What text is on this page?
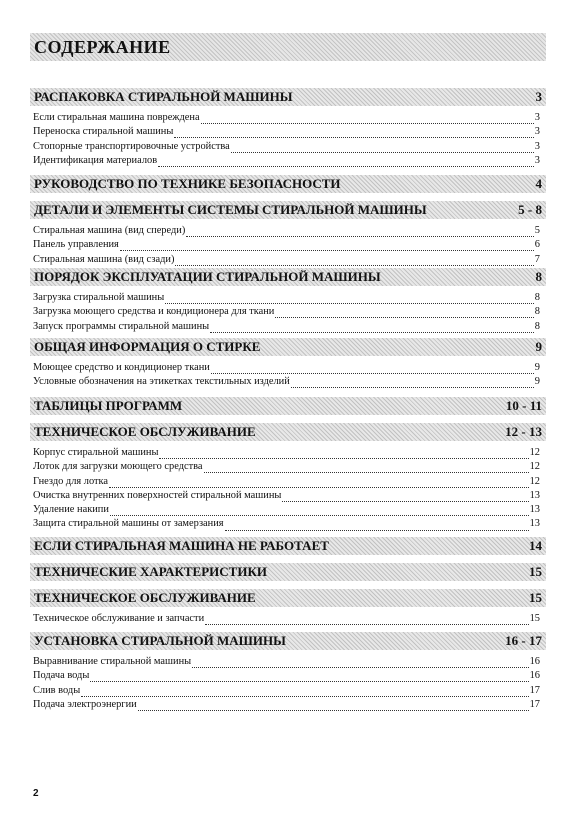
СОДЕРЖАНИЕ
РАСПАКОВКА СТИРАЛЬНОЙ МАШИНЫ	3
Если стиральная машина повреждена	3
Переноска стиральной машины	3
Стопорные транспортировочные устройства	3
Идентификация материалов	3
РУКОВОДСТВО ПО ТЕХНИКЕ БЕЗОПАСНОСТИ	4
ДЕТАЛИ И ЭЛЕМЕНТЫ СИСТЕМЫ СТИРАЛЬНОЙ МАШИНЫ	5 - 8
Стиральная машина (вид спереди)	5
Панель управления	6
Стиральная машина (вид сзади)	7
ПОРЯДОК ЭКСПЛУАТАЦИИ СТИРАЛЬНОЙ МАШИНЫ	8
Загрузка стиральной машины	8
Загрузка моющего средства и кондиционера для ткани	8
Запуск программы стиральной машины	8
ОБЩАЯ ИНФОРМАЦИЯ О СТИРКЕ	9
Моющее средство и кондиционер ткани	9
Условные обозначения на этикетках текстильных изделий	9
ТАБЛИЦЫ ПРОГРАММ	10 - 11
ТЕХНИЧЕСКОЕ ОБСЛУЖИВАНИЕ	12 - 13
Корпус стиральной машины	12
Лоток для загрузки моющего средства	12
Гнездо для лотка	12
Очистка внутренних поверхностей стиральной машины	13
Удаление накипи	13
Защита стиральной машины от замерзания	13
ЕСЛИ СТИРАЛЬНАЯ МАШИНА НЕ РАБОТАЕТ	14
ТЕХНИЧЕСКИЕ ХАРАКТЕРИСТИКИ	15
ТЕХНИЧЕСКОЕ ОБСЛУЖИВАНИЕ	15
Техническое обслуживание и запчасти	15
УСТАНОВКА СТИРАЛЬНОЙ МАШИНЫ	16 - 17
Выравнивание стиральной машины	16
Подача воды	16
Слив воды	17
Подача электроэнергии	17
2
